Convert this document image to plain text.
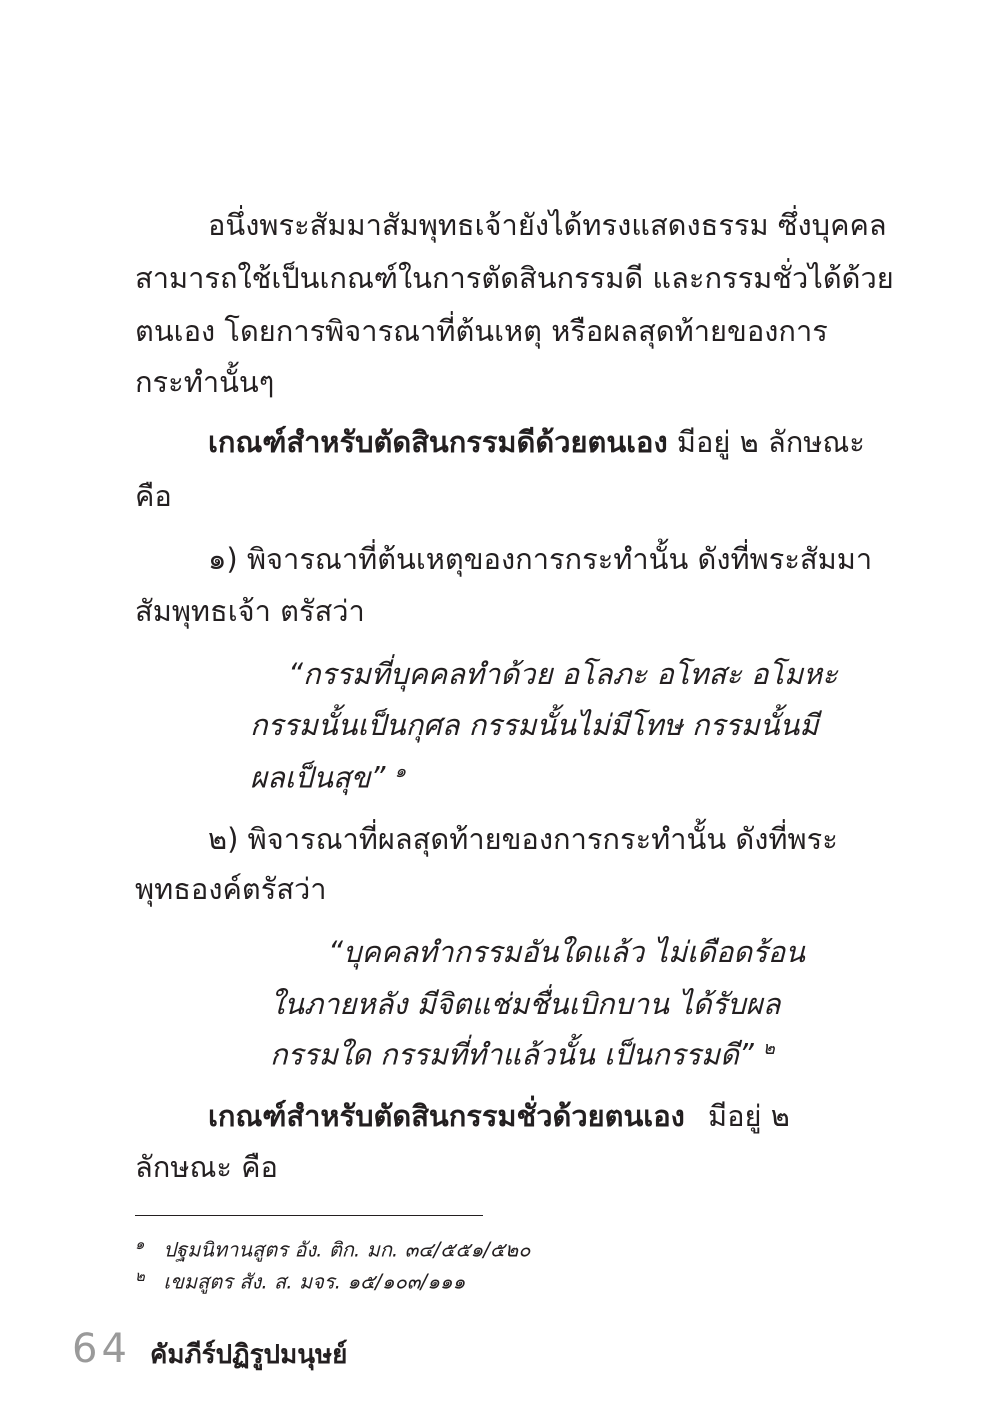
อนึ่งพระสัมมาสัมพุทธเจ้ายังได้ทรงแสดงธรรม ซึ่งบุคคล
สามารถใช้เป็นเกณฑ์ในการตัดสินกรรมดี และกรรมชั่วได้ด้วย
ตนเอง โดยการพิจารณาที่ต้นเหตุ หรือผลสุดท้ายของการ
กระทำนั้นๆ
เกณฑ์สำหรับตัดสินกรรมดีด้วยตนเอง มีอยู่ ๒ ลักษณะ
คือ
๑) พิจารณาที่ต้นเหตุของการกระทำนั้น ดังที่พระสัมมา
สัมพุทธเจ้า ตรัสว่า
“กรรมที่บุคคลทำด้วย อโลภะ อโทสะ อโมหะ
กรรมนั้นเป็นกุศล กรรมนั้นไม่มีโทษ กรรมนั้นมี
ผลเป็นสุข” $^๑$
๒) พิจารณาที่ผลสุดท้ายของการกระทำนั้น ดังที่พระ
พุทธองค์ตรัสว่า
“บุคคลทำกรรมอันใดแล้ว ไม่เดือดร้อน
ในภายหลัง มีจิตแช่มชื่นเบิกบาน ได้รับผล
กรรมใด กรรมที่ทำแล้วนั้น เป็นกรรมดี” $^๒$
เกณฑ์สำหรับตัดสินกรรมชั่วด้วยตนเอง มีอยู่ ๒
ลักษณะ คือ
๑ ปฐมนิทานสูตร อัง. ติก. มก. ๓๔/๕๕๑/๕๒๐
๒ เขมสูตร สัง. ส. มจร. ๑๕/๑๐๓/๑๑๑
64 คัมภีร์ปฏิรูปมนุษย์
